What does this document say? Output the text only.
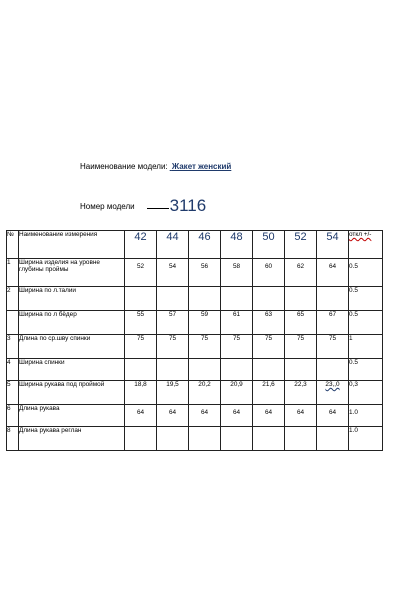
Наименование модели: Жакет женский
Номер модели 3116
№	Наименование измерения	42	44	46	48	50	52	54	откл +/-
1	Ширина изделия на уровне глубины проймы	52	54	56	58	60	62	64	0.5
2	Ширина по л.талии								0.5
	Ширина по л бёдер	55	57	59	61	63	65	67	0.5
3	Длина по ср.шву спинки	75	75	75	75	75	75	75	1
4	Ширина спинки								0.5
5	Ширина рукава под проймой	18,8	19,5	20,2	20,9	21,6	22,3	23,,0	0,3
6	Длина рукава	64	64	64	64	64	64	64	1.0
8	Длина рукава реглан								1.0
